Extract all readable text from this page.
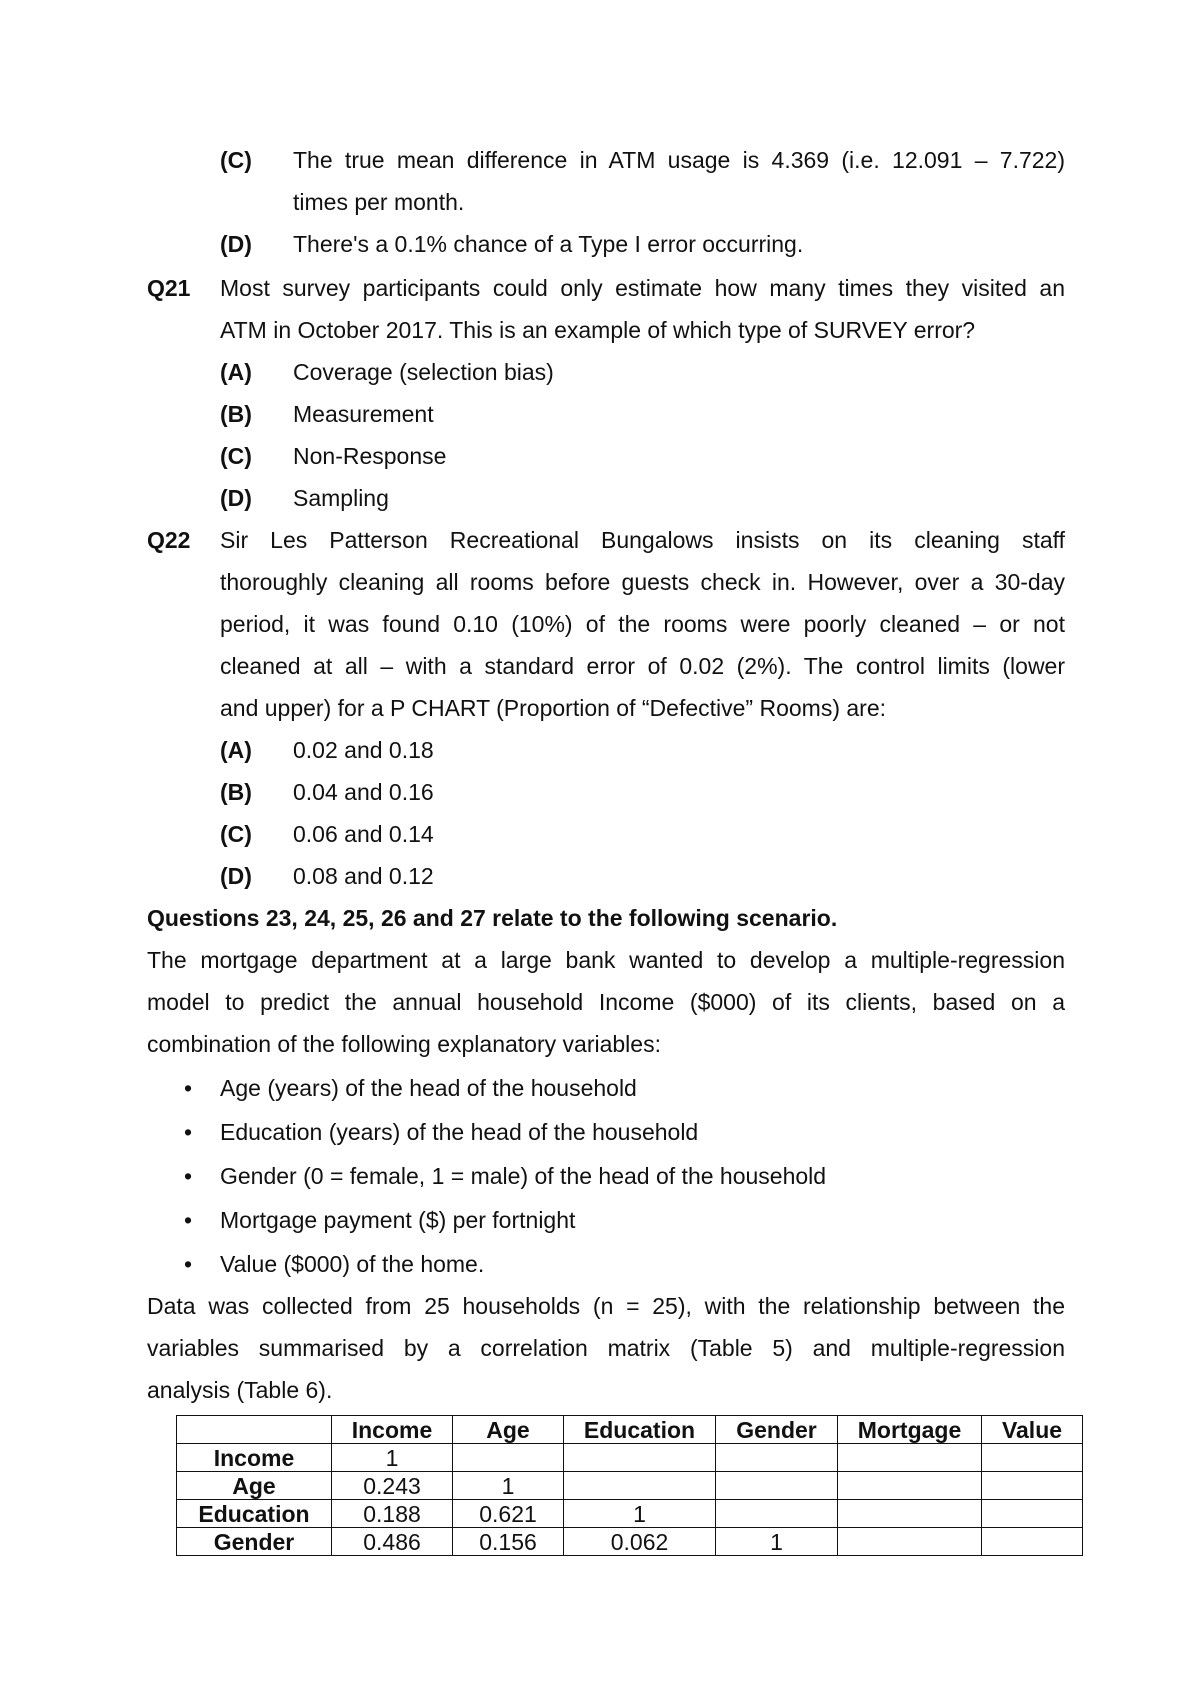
(C) The true mean difference in ATM usage is 4.369 (i.e. 12.091 – 7.722)
times per month.
(D) There's a 0.1% chance of a Type I error occurring.
Q21 Most survey participants could only estimate how many times they visited an
ATM in October 2017. This is an example of which type of SURVEY error?
(A) Coverage (selection bias)
(B) Measurement
(C) Non-Response
(D) Sampling
Q22 Sir Les Patterson Recreational Bungalows insists on its cleaning staff
thoroughly cleaning all rooms before guests check in. However, over a 30-day
period, it was found 0.10 (10%) of the rooms were poorly cleaned – or not
cleaned at all – with a standard error of 0.02 (2%). The control limits (lower
and upper) for a P CHART (Proportion of “Defective” Rooms) are:
(A) 0.02 and 0.18
(B) 0.04 and 0.16
(C) 0.06 and 0.14
(D) 0.08 and 0.12
Questions 23, 24, 25, 26 and 27 relate to the following scenario.
The mortgage department at a large bank wanted to develop a multiple-regression
model to predict the annual household Income ($000) of its clients, based on a
combination of the following explanatory variables:
• Age (years) of the head of the household
• Education (years) of the head of the household
• Gender (0 = female, 1 = male) of the head of the household
• Mortgage payment ($) per fortnight
• Value ($000) of the home.
Data was collected from 25 households (n = 25), with the relationship between the
variables summarised by a correlation matrix (Table 5) and multiple-regression
analysis (Table 6).
	Income	Age	Education	Gender	Mortgage	Value
Income	1					
Age	0.243	1				
Education	0.188	0.621	1			
Gender	0.486	0.156	0.062	1		
